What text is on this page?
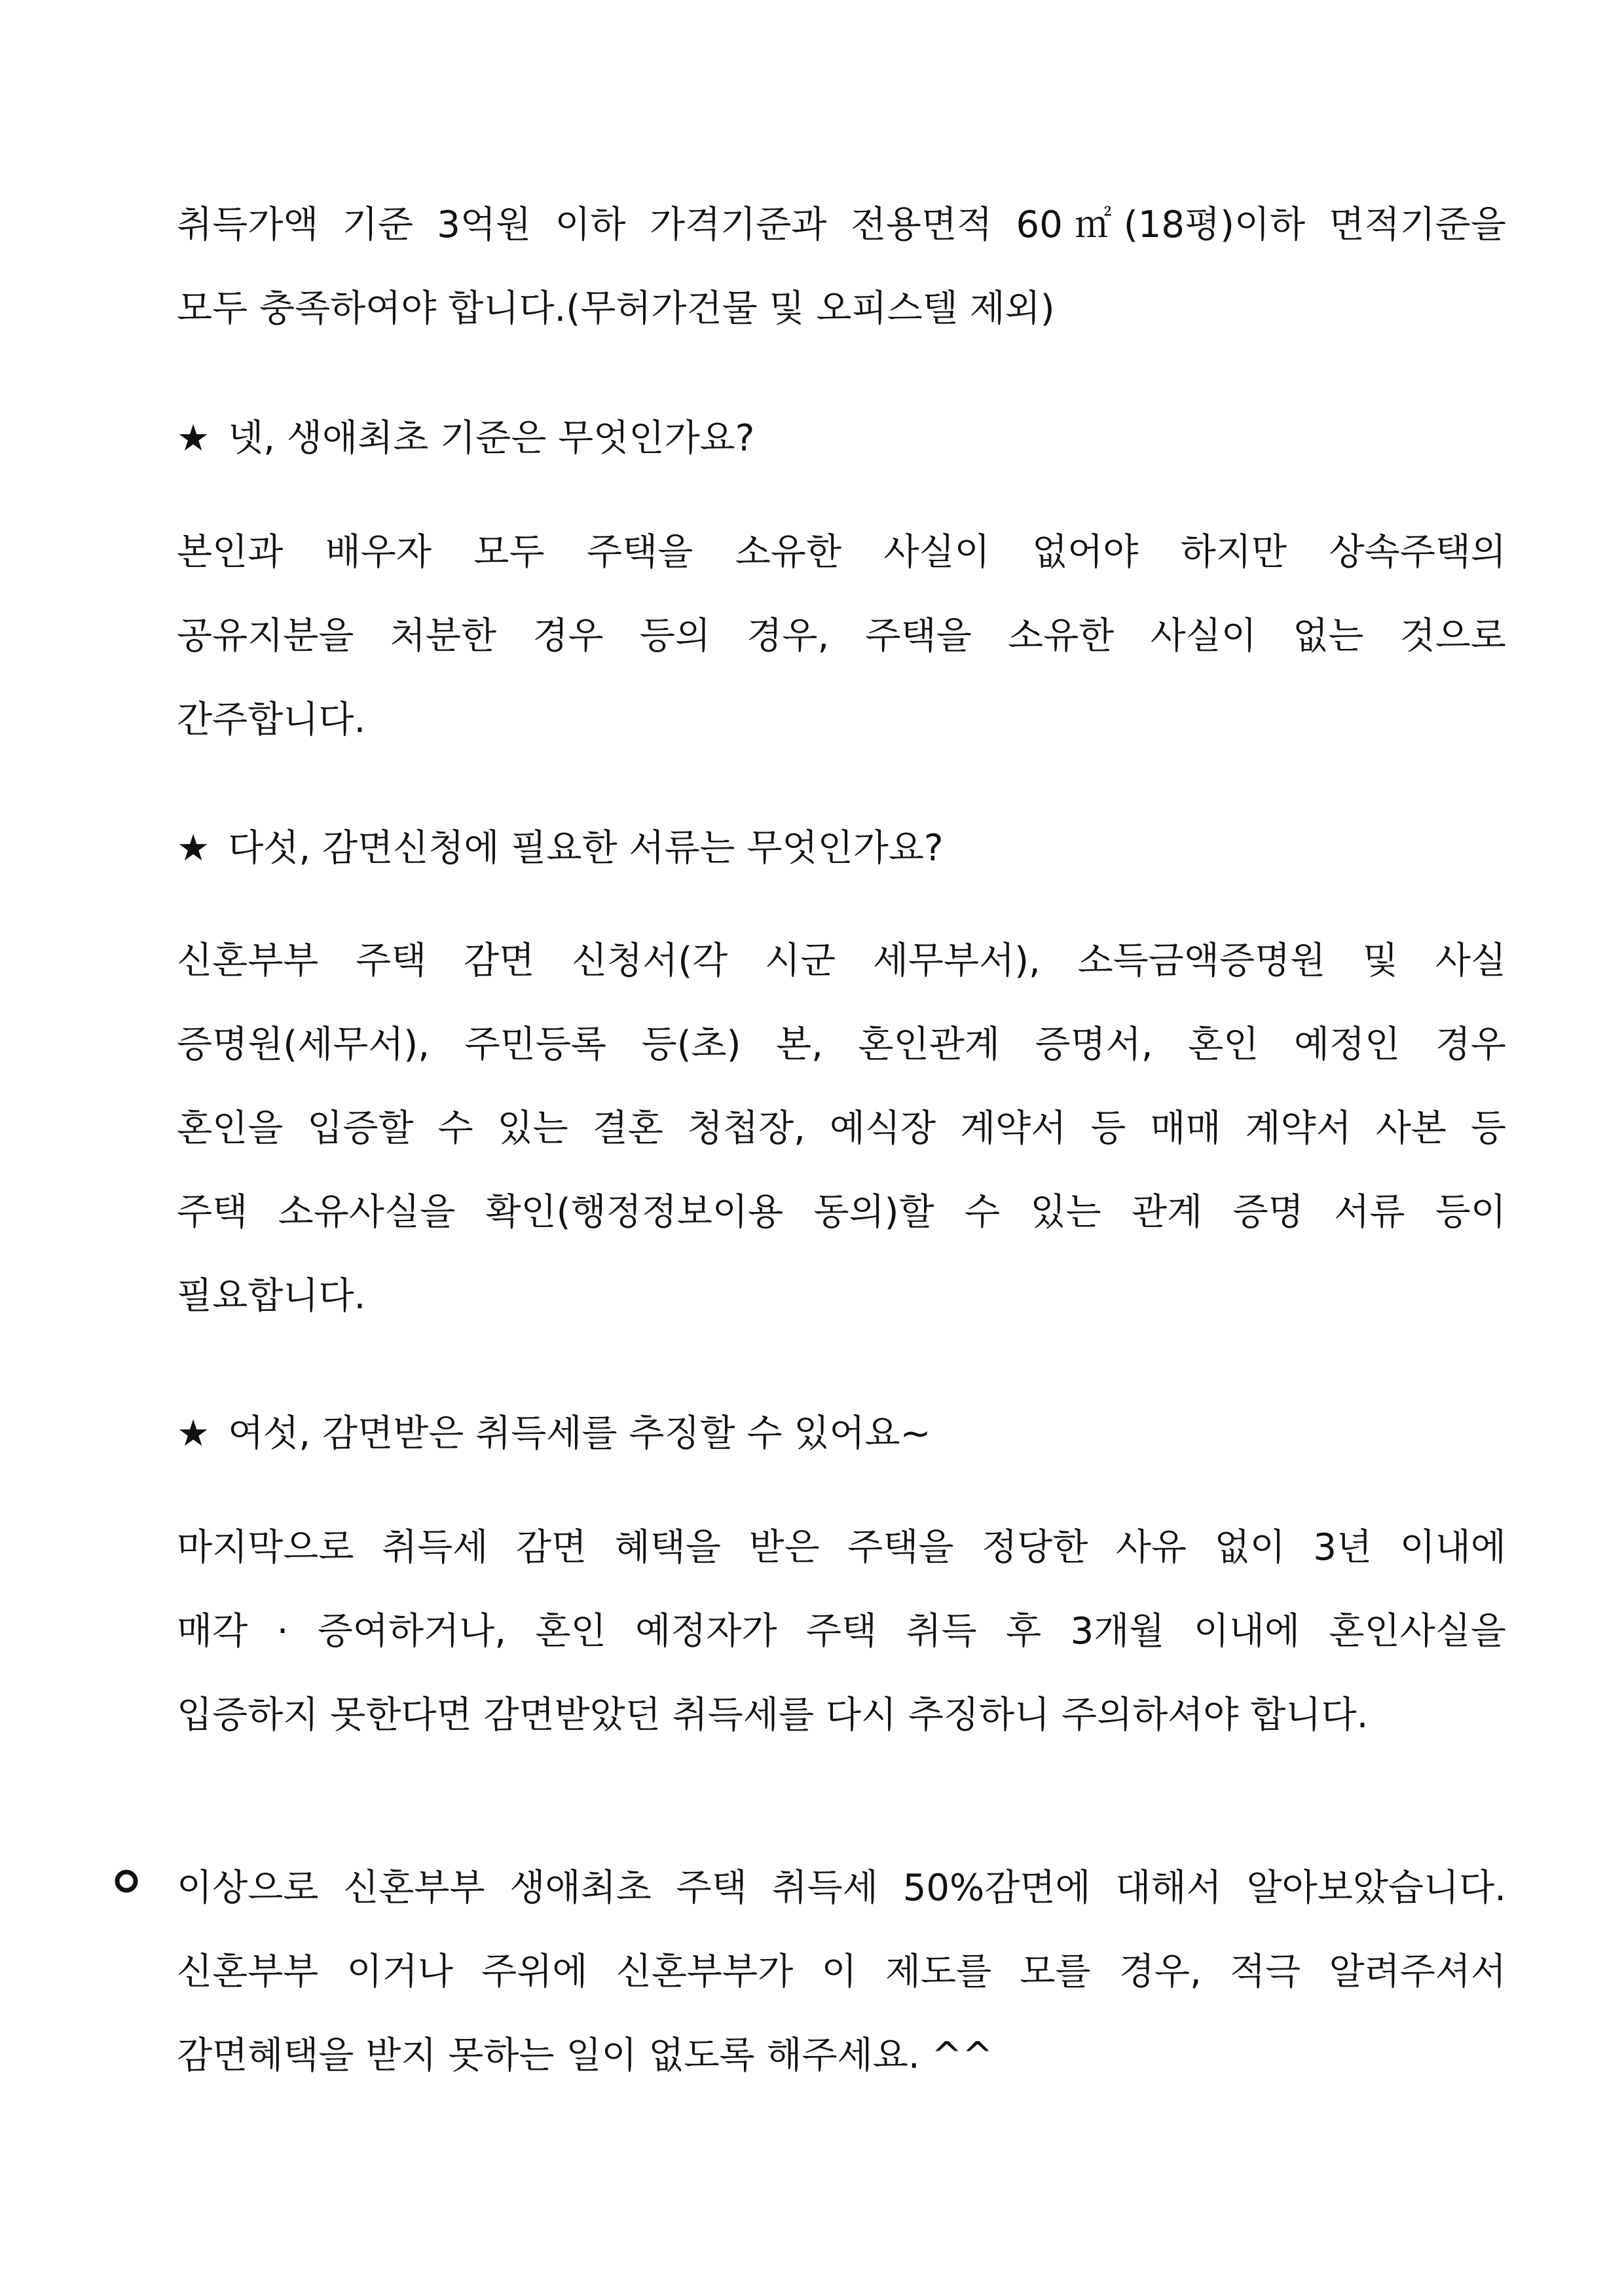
취득가액 기준 3억원 이하 가격기준과 전용면적 60㎡(18평)이하 면적기준을
모두 충족하여야 합니다.(무허가건물 및 오피스텔 제외)
★ 넷, 생애최초 기준은 무엇인가요?
본인과 배우자 모두 주택을 소유한 사실이 없어야 하지만 상속주택의
공유지분을 처분한 경우 등의 경우, 주택을 소유한 사실이 없는 것으로
간주합니다.
★ 다섯, 감면신청에 필요한 서류는 무엇인가요?
신혼부부 주택 감면 신청서(각 시군 세무부서), 소득금액증명원 및 사실
증명원(세무서), 주민등록 등(초) 본, 혼인관계 증명서, 혼인 예정인 경우
혼인을 입증할 수 있는 결혼 청첩장, 예식장 계약서 등 매매 계약서 사본 등
주택 소유사실을 확인(행정정보이용 동의)할 수 있는 관계 증명 서류 등이
필요합니다.
★ 여섯, 감면받은 취득세를 추징할 수 있어요~
마지막으로 취득세 감면 혜택을 받은 주택을 정당한 사유 없이 3년 이내에
매각 · 증여하거나, 혼인 예정자가 주택 취득 후 3개월 이내에 혼인사실을
입증하지 못한다면 감면받았던 취득세를 다시 추징하니 주의하셔야 합니다.
이상으로 신혼부부 생애최초 주택 취득세 50%감면에 대해서 알아보았습니다.
신혼부부 이거나 주위에 신혼부부가 이 제도를 모를 경우, 적극 알려주셔서
감면혜택을 받지 못하는 일이 없도록 해주세요. ^^
